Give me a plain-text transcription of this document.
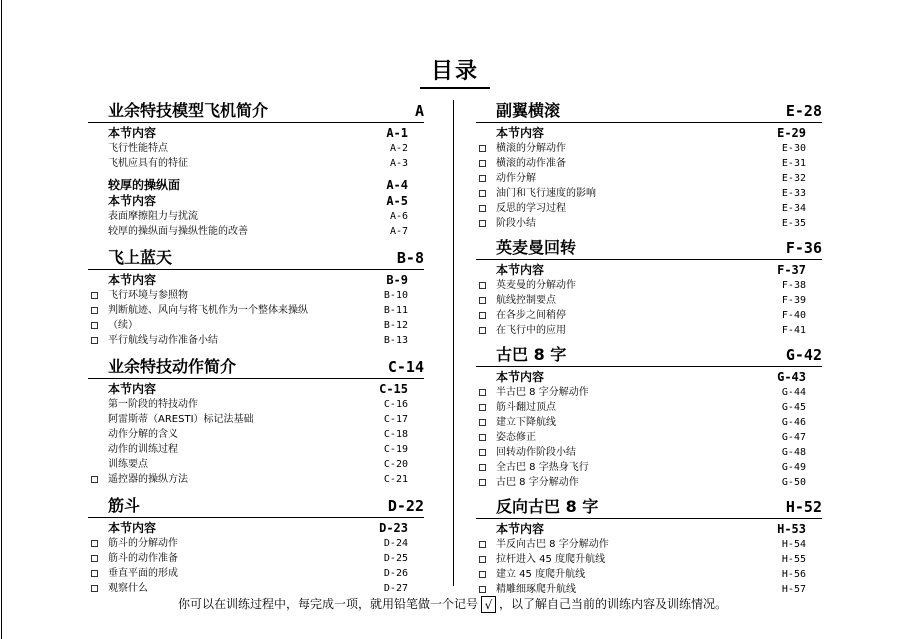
目录
业余特技模型飞机简介	A
本节内容	A-1
飞行性能特点	A-2
飞机应具有的特征	A-3
较厚的操纵面	A-4
本节内容	A-5
表面摩擦阻力与扰流	A-6
较厚的操纵面与操纵性能的改善	A-7
飞上蓝天	B-8
本节内容	B-9
飞行环境与参照物	B-10
判断航迹、风向与将飞机作为一个整体来操纵	B-11
（续）	B-12
平行航线与动作准备小结	B-13
业余特技动作简介	C-14
本节内容	C-15
第一阶段的特技动作	C-16
阿雷斯蒂（ARESTI）标记法基础	C-17
动作分解的含义	C-18
动作的训练过程	C-19
训练要点	C-20
遥控器的操纵方法	C-21
筋斗	D-22
本节内容	D-23
筋斗的分解动作	D-24
筋斗的动作准备	D-25
垂直平面的形成	D-26
观察什么	D-27
副翼横滚	E-28
本节内容	E-29
横滚的分解动作	E-30
横滚的动作准备	E-31
动作分解	E-32
油门和飞行速度的影响	E-33
反思的学习过程	E-34
阶段小结	E-35
英麦曼回转	F-36
本节内容	F-37
英麦曼的分解动作	F-38
航线控制要点	F-39
在各步之间稍停	F-40
在飞行中的应用	F-41
古巴 8 字	G-42
本节内容	G-43
半古巴 8 字分解动作	G-44
筋斗翻过顶点	G-45
建立下降航线	G-46
姿态修正	G-47
回转动作阶段小结	G-48
全古巴 8 字热身飞行	G-49
古巴 8 字分解动作	G-50
反向古巴 8 字	H-52
本节内容	H-53
半反向古巴 8 字分解动作	H-54
拉杆进入 45 度爬升航线	H-55
建立 45 度爬升航线	H-56
精雕细琢爬升航线	H-57
你可以在训练过程中，每完成一项，就用铅笔做一个记号 √ ，以了解自己当前的训练内容及训练情况。
